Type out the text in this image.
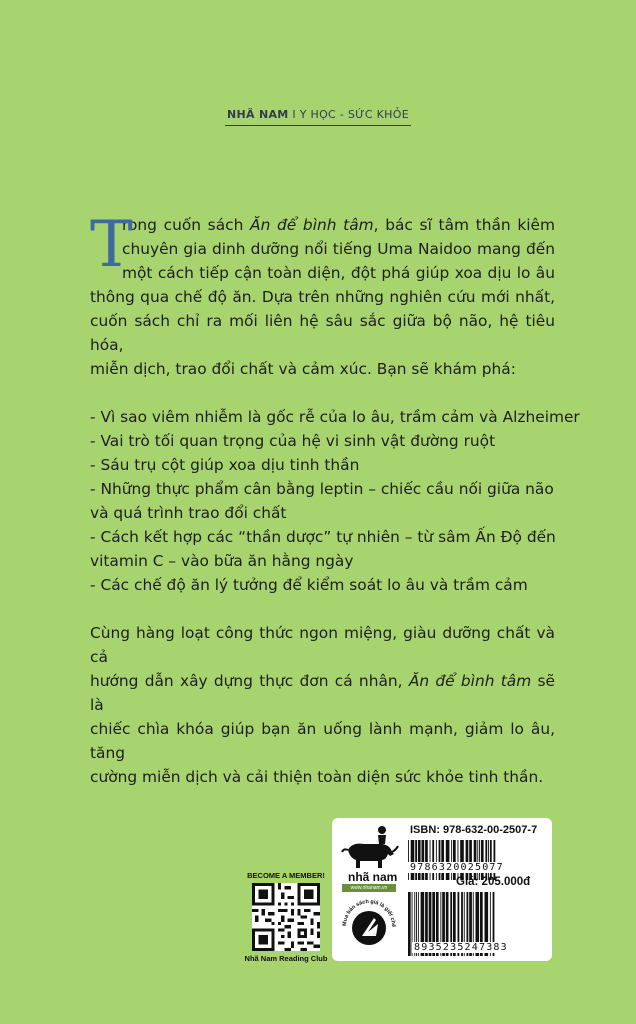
NHÃ NAM I Y HỌC - SỨC KHỎE
T
rong cuốn sách Ăn để bình tâm, bác sĩ tâm thần kiêm
chuyên gia dinh dưỡng nổi tiếng Uma Naidoo mang đến
một cách tiếp cận toàn diện, đột phá giúp xoa dịu lo âu
thông qua chế độ ăn. Dựa trên những nghiên cứu mới nhất,
cuốn sách chỉ ra mối liên hệ sâu sắc giữa bộ não, hệ tiêu hóa,
miễn dịch, trao đổi chất và cảm xúc. Bạn sẽ khám phá:
- Vì sao viêm nhiễm là gốc rễ của lo âu, trầm cảm và Alzheimer
- Vai trò tối quan trọng của hệ vi sinh vật đường ruột
- Sáu trụ cột giúp xoa dịu tinh thần
- Những thực phẩm cân bằng leptin – chiếc cầu nối giữa não
và quá trình trao đổi chất
- Cách kết hợp các “thần dược” tự nhiên – từ sâm Ấn Độ đến
vitamin C – vào bữa ăn hằng ngày
- Các chế độ ăn lý tưởng để kiểm soát lo âu và trầm cảm
Cùng hàng loạt công thức ngon miệng, giàu dưỡng chất và cả
hướng dẫn xây dựng thực đơn cá nhân, Ăn để bình tâm sẽ là
chiếc chìa khóa giúp bạn ăn uống lành mạnh, giảm lo âu, tăng
cường miễn dịch và cải thiện toàn diện sức khỏe tinh thần.
BECOME A MEMBER!
Nhã Nam Reading Club
nhã nam
www.nhanam.vn
Mua bản sách giá là giết chế
ISBN: 978-632-00-2507-7
9786320025077
Giá: 205.000đ
8935235247383
